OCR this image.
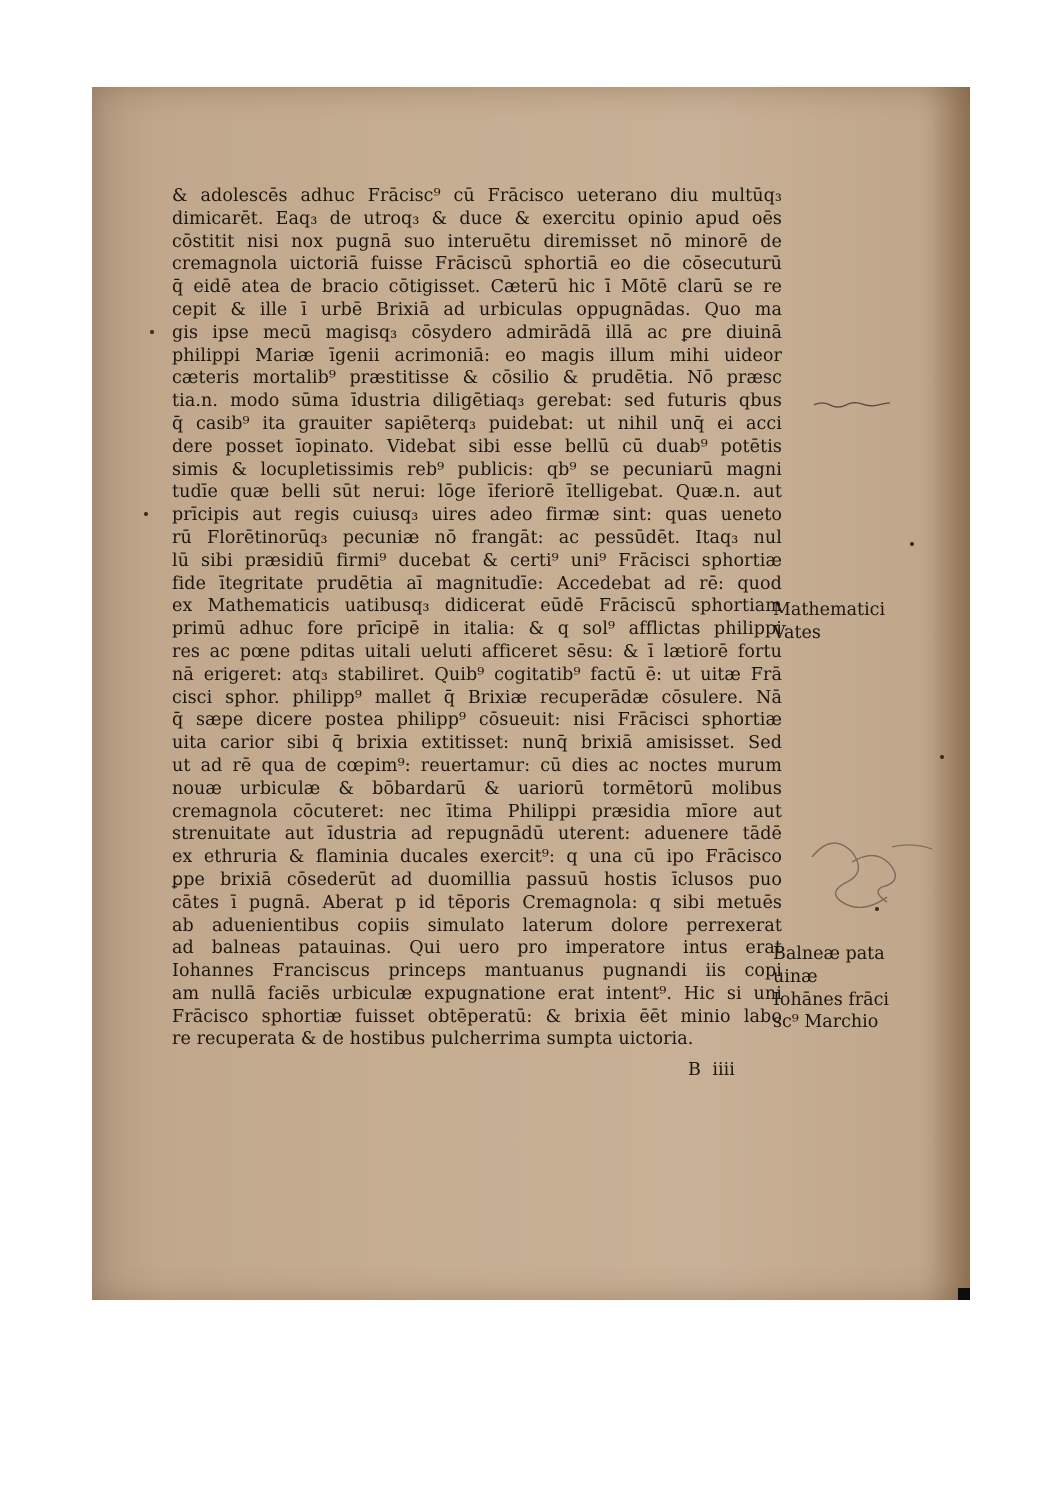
& adolescēs adhuc Frācisc⁹ cū Frācisco ueterano diu multūq₃
dimicarēt. Eaq₃ de utroq₃ & duce & exercitu opinio apud oēs
cōstitit nisi nox pugnā suo interuētu diremisset nō minorē de
cremagnola uictoriā fuisse Frāciscū sphortiā eo die cōsecuturū
q̄ eidē atea de bracio cōtigisset. Cæterū hic ī Mōtē clarū se re
cepit & ille ī urbē Brixiā ad urbiculas oppugnādas. Quo ma
gis ipse mecū magisq₃ cōsydero admirādā illā ac ꝑre diuinā
philippi Mariæ īgenii acrimoniā: eo magis illum mihi uideor
cæteris mortalib⁹ præstitisse & cōsilio & prudētia. Nō præsc
tia.n. modo sūma īdustria diligētiaq₃ gerebat: sed futuris qbus
q̄ casib⁹ ita grauiter sapiēterq₃ puidebat: ut nihil unq̄ ei acci
dere posset īopinato. Videbat sibi esse bellū cū duab⁹ potētis
simis & locupletissimis reb⁹ publicis: qb⁹ se pecuniarū magni
tudīe quæ belli sūt nerui: lōge īferiorē ītelligebat. Quæ.n. aut
prīcipis aut regis cuiusq₃ uires adeo firmæ sint: quas ueneto
rū Florētinorūq₃ pecuniæ nō frangāt: ac pessūdēt. Itaq₃ nul
lū sibi præsidiū firmi⁹ ducebat & certi⁹ uni⁹ Frācisci sphortiæ
fide ītegritate prudētia aī magnitudīe: Accedebat ad rē: quod
ex Mathematicis uatibusq₃ didicerat eūdē Frāciscū sphortiam
primū adhuc fore prīcipē in italia: & q sol⁹ afflictas philippi
res ac pœne pditas uitali ueluti afficeret sēsu: & ī lætiorē fortu
nā erigeret: atq₃ stabiliret. Quib⁹ cogitatib⁹ factū ē: ut uitæ Frā
cisci sphor. philipp⁹ mallet q̄ Brixiæ recuperādæ cōsulere. Nā
q̄ sæpe dicere postea philipp⁹ cōsueuit: nisi Frācisci sphortiæ
uita carior sibi q̄ brixia extitisset: nunq̄ brixiā amisisset. Sed
ut ad rē qua de cœpim⁹: reuertamur: cū dies ac noctes murum
nouæ urbiculæ & bōbardarū & uariorū tormētorū molibus
cremagnola cōcuteret: nec ītima Philippi præsidia mīore aut
strenuitate aut īdustria ad repugnādū uterent: aduenere tādē
ex ethruria & flaminia ducales exercit⁹: q una cū ipo Frācisco
ꝑpe brixiā cōsederūt ad duomillia passuū hostis īclusos puo
cātes ī pugnā. Aberat p id tēporis Cremagnola: q sibi metuēs
ab aduenientibus copiis simulato laterum dolore perrexerat
ad balneas patauinas. Qui uero pro imperatore intus erat
Iohannes Franciscus princeps mantuanus pugnandi iis copi
am nullā faciēs urbiculæ expugnatione erat intent⁹. Hic si uni
Frācisco sphortiæ fuisset obtēperatū: & brixia ēēt minio labo
re recuperata & de hostibus pulcherrima sumpta uictoria.
B iiii
Mathematici
Vates
Balneæ pata
uinæ
Iohānes frāci
sc⁹ Marchio
